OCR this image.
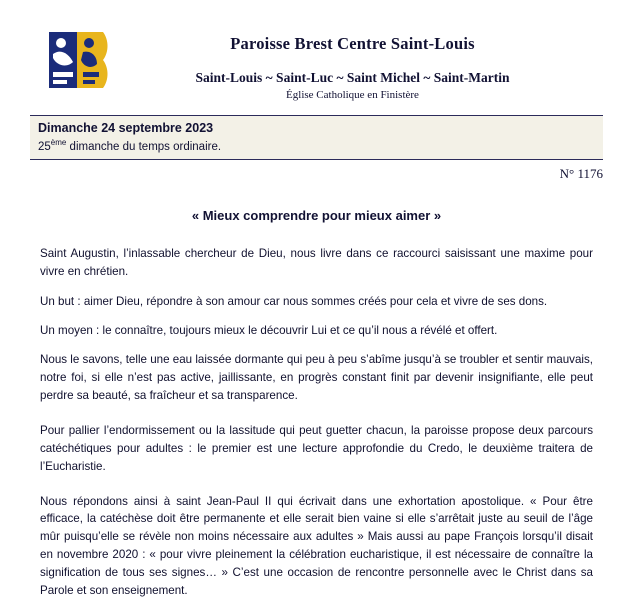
Paroisse Brest Centre Saint-Louis
Saint-Louis ~ Saint-Luc ~ Saint Michel ~ Saint-Martin
Église Catholique en Finistère
Dimanche 24 septembre 2023
25ème dimanche du temps ordinaire.
N° 1176
« Mieux comprendre pour mieux aimer »

Saint Augustin, l’inlassable chercheur de Dieu, nous livre dans ce raccourci saisissant une maxime pour vivre en chrétien.

Un but : aimer Dieu, répondre à son amour car nous sommes créés pour cela et vivre de ses dons.

Un moyen : le connaître, toujours mieux le découvrir Lui et ce qu’il nous a révélé et offert.

Nous le savons, telle une eau laissée dormante qui peu à peu s’abîme jusqu’à se troubler et sentir mauvais, notre foi, si elle n’est pas active, jaillissante, en progrès constant finit par devenir insignifiante, elle peut perdre sa beauté, sa fraîcheur et sa transparence.

Pour pallier l’endormissement ou la lassitude qui peut guetter chacun, la paroisse propose deux parcours catéchétiques pour adultes : le premier est une lecture approfondie du Credo, le deuxième traitera de l’Eucharistie.

Nous répondons ainsi à saint Jean-Paul II qui écrivait dans une exhortation apostolique. « Pour être efficace, la catéchèse doit être permanente et elle serait bien vaine si elle s’arrêtait juste au seuil de l’âge mûr puisqu’elle se révèle non moins nécessaire aux adultes » Mais aussi au pape François lorsqu’il disait en novembre 2020 : « pour vivre pleinement la célébration eucharistique, il est nécessaire de connaître la signification de tous ses signes… » C’est une occasion de rencontre personnelle avec le Christ dans sa Parole et son enseignement.
